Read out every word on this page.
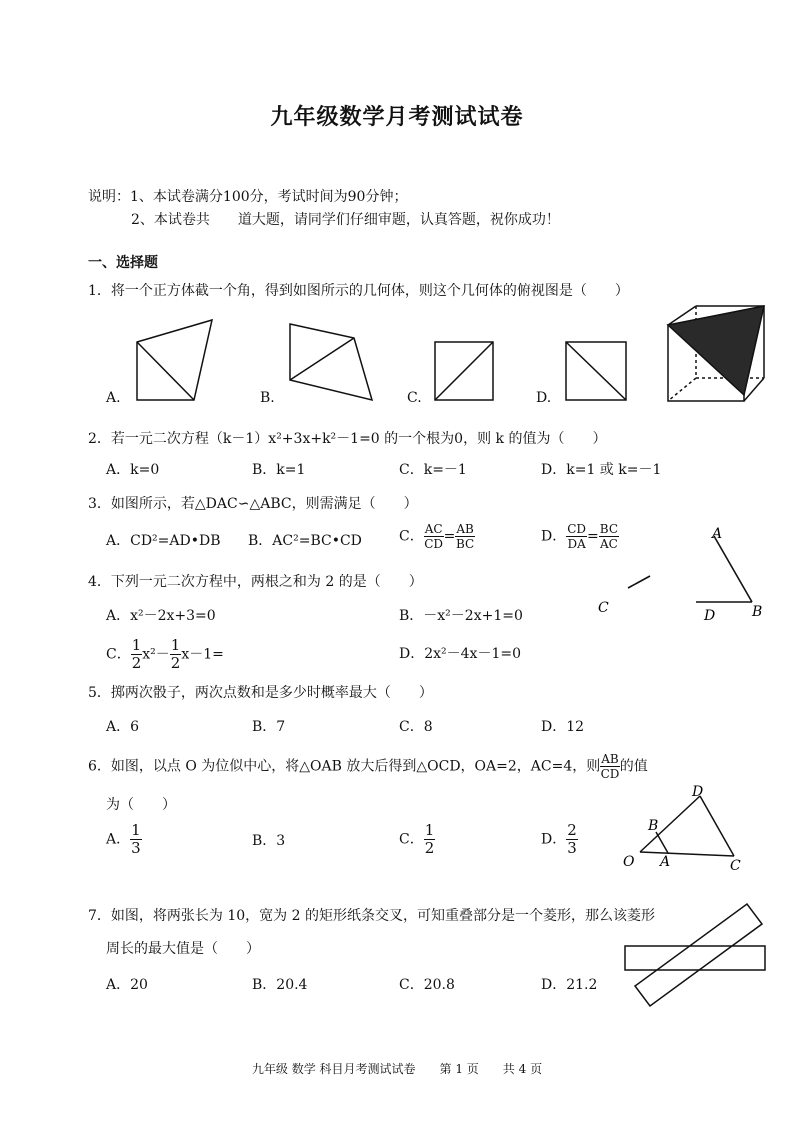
九年级数学月考测试试卷
说明：1、本试卷满分100分，考试时间为90分钟；
2、本试卷共　　道大题，请同学们仔细审题，认真答题，祝你成功！
一、选择题
1．将一个正方体截一个角，得到如图所示的几何体，则这个几何体的俯视图是（　　）
A.	B.	C.	D.
2．若一元二次方程（k－1）x²+3x+k²－1=0 的一个根为0，则 k 的值为（　　）
A．k=0	B．k=1	C．k=－1	D．k=1 或 k=－1
3．如图所示，若△DAC∽△ABC，则需满足（　　）
A．CD²=AD•DB B．AC²=BC•CD	C． $\frac{AC}{CD} = \frac{AB}{BC}$	D． $\frac{CD}{DA} = \frac{BC}{AC}$	A
B
C	D
4．下列一元二次方程中，两根之和为 2 的是（　　）
A．x²－2x+3=0	B．－x²－2x+1=0
C． $\frac{1}{2} x^2- \frac{1}{2} x-1=$	D．2x²－4x－1=0
5．掷两次骰子，两次点数和是多少时概率最大（　　）
A．6	B．7	C．8	D．12
6．如图，以点 O 为位似中心，将△OAB 放大后得到△OCD，OA=2，AC=4，则 $\frac{AB}{CD}$ 的值
为（　　）
A． $\frac{1}{3}$	B．3	C． $\frac{1}{2}$	D． $\frac{2}{3}$
O A
B
C
D
7．如图，将两张长为 10，宽为 2 的矩形纸条交叉，可知重叠部分是一个菱形，那么该菱形
周长的最大值是（　　）
A．20	B．20.4	C．20.8	D．21.2
九年级 数学 科目月考测试试卷　　第 1 页　　共 4 页
